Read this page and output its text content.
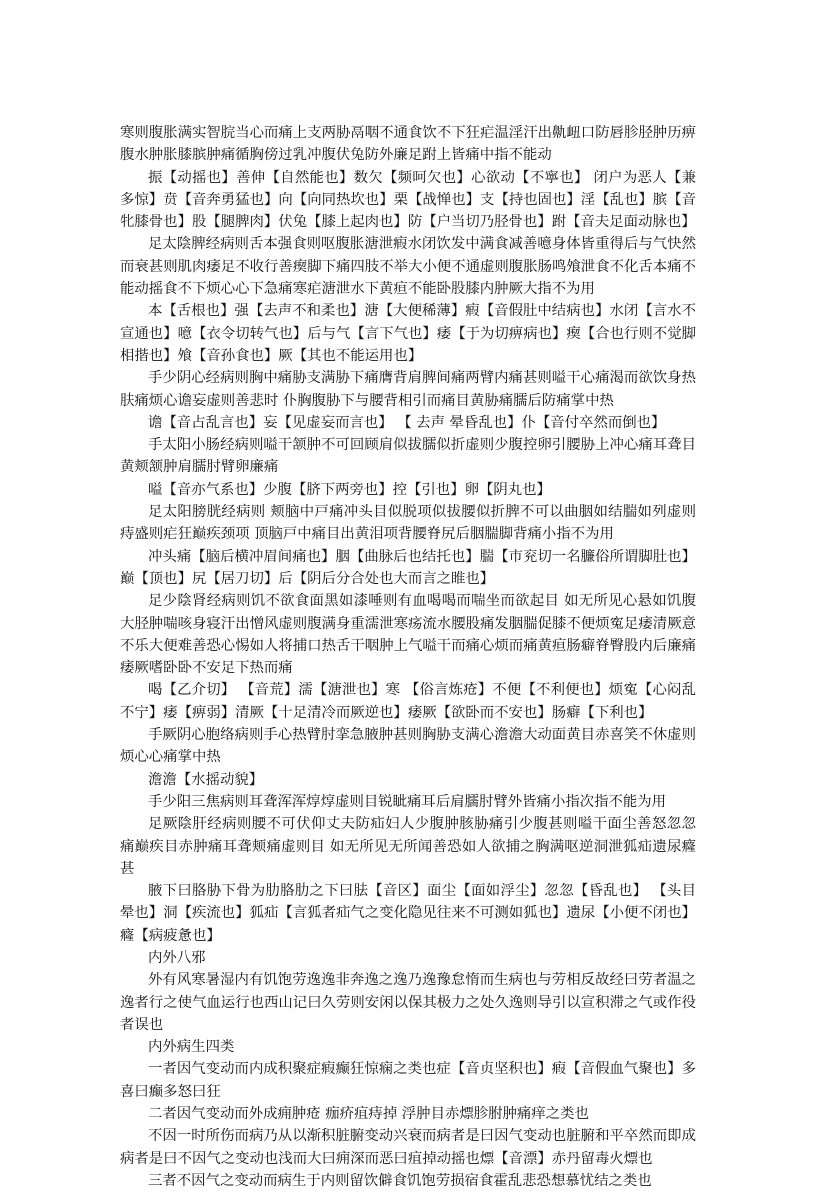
寒则腹胀满实智脘当心而痛上支两胁鬲咽不通食饮不下狂疟温淫汗出鼽衄口防唇胗胫肿历痹腹水肿胀膝膑肿痛循胸傍过乳冲腹伏兔防外廉足跗上皆痛中指不能动

振【动摇也】善伸【自然能也】数欠【频呵欠也】心欲动【不寧也】 闭户为恶人【兼多惊】贲【音奔勇猛也】向【向同热坎也】栗【战惮也】支【持也固也】淫【乱也】膑【音牝膝骨也】股【腿脾肉】伏兔【膝上起肉也】防【户当切乃胫骨也】跗【音夫足面动脉也】

足太陰脾经病则舌本强食则呕腹胀溏泄瘕水闭饮发中满食减善噫身体皆重得后与气快然而衰甚则肌肉痿足不收行善瘈脚下痛四肢不举大小便不通虚则腹胀肠鸣飧泄食不化舌本痛不能动摇食不下烦心心下急痛寒疟溏泄水下黄疸不能卧股膝内肿厥大指不为用

本【舌根也】强【去声不和柔也】溏【大便稀薄】瘕【音假肚中结病也】水闭【言水不宣通也】噫【衣令切转气也】后与气【言下气也】痿【于为切痹病也】瘈【合也行则不觉脚相揩也】飧【音孙食也】厥【其也不能运用也】

手少阴心经病则胸中痛胁支满胁下痛膺背肩脾间痛两臂内痛甚则嗌干心痛渴而欲饮身热肤痛烦心谵妄虚则善悲时 仆胸腹胁下与腰背相引而痛目黄胁痛臑后防痛掌中热

谵【音占乱言也】妄【见虚妄而言也】 【 去声 晕昏乱也】仆【音付卒然而倒也】

手太阳小肠经病则嗌干颔肿不可回顾肩似拔臑似折虚则少腹控卵引腰胁上冲心痛耳聋目黄颊颔肿肩臑肘臂卵廉痛

嗌【音亦气系也】少腹【脐下两旁也】控【引也】卵【阴丸也】

足太阳膀胱经病则 颊脑中戸痛冲头目似脱项似拔腰似折脾不可以曲胭如结腨如列虚则痔盛则疟狂巅疾颈项 顶脑戸中痛目出黄泪项背腰脊尻后胭腨脚背痛小指不为用

冲头痛【脑后横冲眉间痛也】胭【曲脉后也结托也】腨【市兖切一名臁俗所谓脚肚也】巅【顶也】尻【居刀切】后【阴后分合处也大而言之睢也】

足少陰肾经病则饥不欲食面黑如漆唾则有血喝喝而喘坐而欲起目 如无所见心悬如饥腹大胫肿喘咳身寝汗出憎风虚则腹满身重濡泄寒疡流水腰股痛发胭腨促膝不便烦寃足痿清厥意不乐大便难善恐心惕如人将捕口热舌干咽肿上气嗌干而痛心烦而痛黄疸肠癖脊臀股内后廉痛痿厥嗜卧卧不安足下热而痛

喝【乙介切】 【音荒】濡【溏泄也】寒 【俗言炼疮】不便【不利便也】烦寃【心闷乱不宁】痿【痹弱】清厥【十足清冷而厥逆也】痿厥【欲卧而不安也】肠癖【下利也】

手厥阴心胞络病则手心热臂肘挛急腋肿甚则胸胁支满心澹澹大动面黄目赤喜笑不休虚则烦心心痛掌中热

澹澹【水摇动貌】

手少阳三焦病则耳聋浑浑焞焞虚则目锐眦痛耳后肩臑肘臂外皆痛小指次指不能为用

足厥陰肝经病则腰不可伏仰丈夫防疝妇人少腹肿胲胁痛引少腹甚则嗌干面尘善怒忽忽 痛巅疾目赤肿痛耳聋颊痛虚则目 如无所见无所闻善恐如人欲捕之胸满呕逆洞泄狐疝遗尿癃甚

腋下曰胳胁下骨为肋胳肋之下曰胠【音区】面尘【面如浮尘】忽忽【昏乱也】 【头目晕也】洞【疾流也】狐疝【言狐者疝气之变化隐见往来不可测如狐也】遗尿【小便不闭也】癃【病疲惫也】

内外八邪

外有风寒暑湿内有饥饱劳逸逸非奔逸之逸乃逸豫怠惰而生病也与劳相反故经曰劳者温之逸者行之使气血运行也西山记曰久劳则安闲以保其极力之处久逸则导引以宣积滞之气或作役者误也

内外病生四类

一者因气变动而内成积聚症瘕癫狂惊痫之类也症【音贞坚积也】瘕【音假血气聚也】多喜曰癫多怒曰狂

二者因气变动而外成痈肿疮 痂疥疽痔掉 浮肿目赤熛胗胕肿痛痒之类也

不因一时所伤而病乃从以渐积脏腑变动兴衰而病者是曰因气变动也脏腑和平卒然而即成病者是曰不因气之变动也浅而大曰痈深而恶曰疽掉动摇也熛【音漂】赤丹留毒火熛也

三者不因气之变动而病生于内则留饮僻食饥饱劳损宿食霍乱悲恐想慕忧结之类也
